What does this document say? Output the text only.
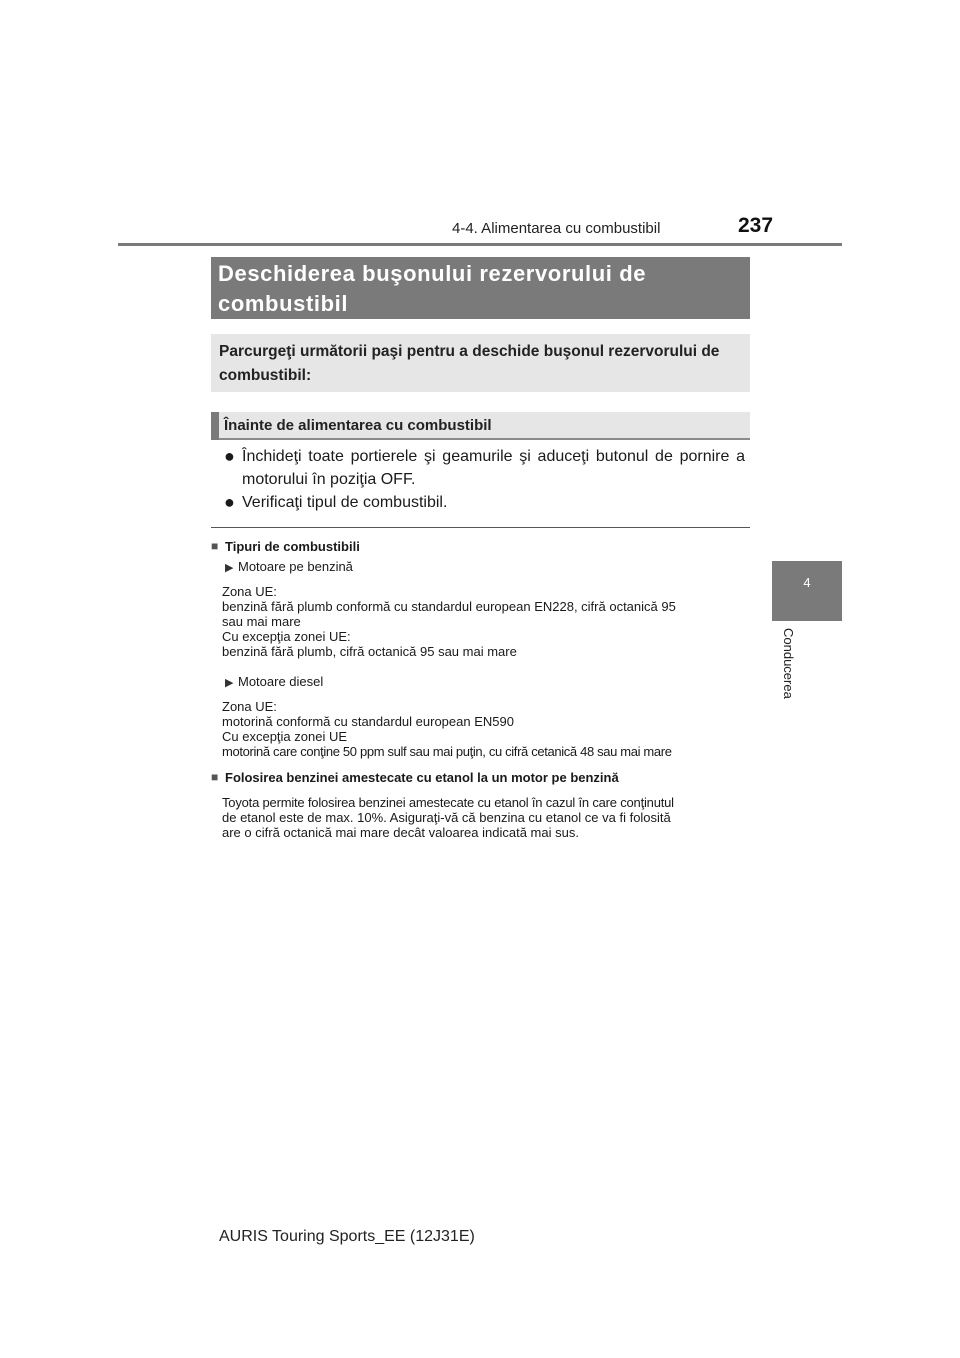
4-4. Alimentarea cu combustibil	237
4
Conducerea
Deschiderea buşonului rezervorului de combustibil
Parcurgeţi următorii paşi pentru a deschide buşonul rezervorului de combustibil:
Înainte de alimentarea cu combustibil
● Închideţi toate portierele şi geamurile şi aduceţi butonul de pornire a motorului în poziţia OFF.
● Verificaţi tipul de combustibil.
■ Tipuri de combustibili
▶ Motoare pe benzină
Zona UE:
benzină fără plumb conformă cu standardul european EN228, cifră octanică 95
sau mai mare
Cu excepţia zonei UE:
benzină fără plumb, cifră octanică 95 sau mai mare
▶ Motoare diesel
Zona UE:
motorină conformă cu standardul european EN590
Cu excepţia zonei UE
motorină care conţine 50 ppm sulf sau mai puţin, cu cifră cetanică 48 sau mai mare
■ Folosirea benzinei amestecate cu etanol la un motor pe benzină
Toyota permite folosirea benzinei amestecate cu etanol în cazul în care conţinutul
de etanol este de max. 10%. Asiguraţi-vă că benzina cu etanol ce va fi folosită
are o cifră octanică mai mare decât valoarea indicată mai sus.
AURIS Touring Sports_EE (12J31E)
